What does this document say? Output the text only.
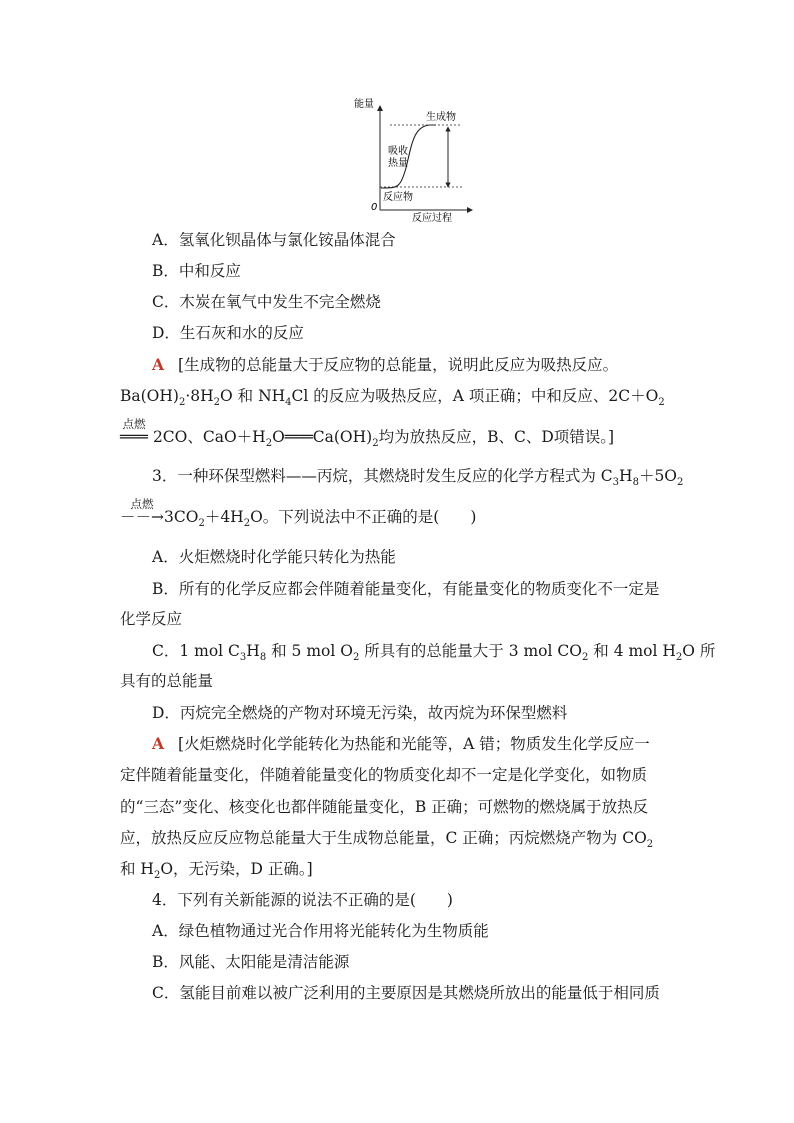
能量
0
反应过程
生成物
吸收
热量
反应物
A．氢氧化钡晶体与氯化铵晶体混合
B．中和反应
C．木炭在氧气中发生不完全燃烧
D．生石灰和水的反应
A [生成物的总能量大于反应物的总能量，说明此反应为吸热反应。
$Ba(OH)_2\cdot 8H_2O$ 和 $NH_4Cl$ 的反应为吸热反应，A 项正确；中和反应、$2C+O_2$
点燃
═══ 2CO、$CaO+H_2O═══Ca(OH)_2$均为放热反应，B、C、D项错误。]
3．一种环保型燃料——丙烷，其燃烧时发生反应的化学方程式为 $C_3H_8+5O_2$
点燃
$--\to 3CO_2+4H_2O$。下列说法中不正确的是(　　)
A．火炬燃烧时化学能只转化为热能
B．所有的化学反应都会伴随着能量变化，有能量变化的物质变化不一定是
化学反应
C．1 mol $C_3H_8$ 和 5 mol $O_2$ 所具有的总能量大于 3 mol $CO_2$ 和 4 mol $H_2O$ 所
具有的总能量
D．丙烷完全燃烧的产物对环境无污染，故丙烷为环保型燃料
A [火炬燃烧时化学能转化为热能和光能等，A 错；物质发生化学反应一
定伴随着能量变化，伴随着能量变化的物质变化却不一定是化学变化，如物质
的“三态”变化、核变化也都伴随能量变化，B 正确；可燃物的燃烧属于放热反
应，放热反应反应物总能量大于生成物总能量，C 正确；丙烷燃烧产物为 $CO_2$
和 $H_2O$，无污染，D 正确。]
4．下列有关新能源的说法不正确的是(　　)
A．绿色植物通过光合作用将光能转化为生物质能
B．风能、太阳能是清洁能源
C．氢能目前难以被广泛利用的主要原因是其燃烧所放出的能量低于相同质
